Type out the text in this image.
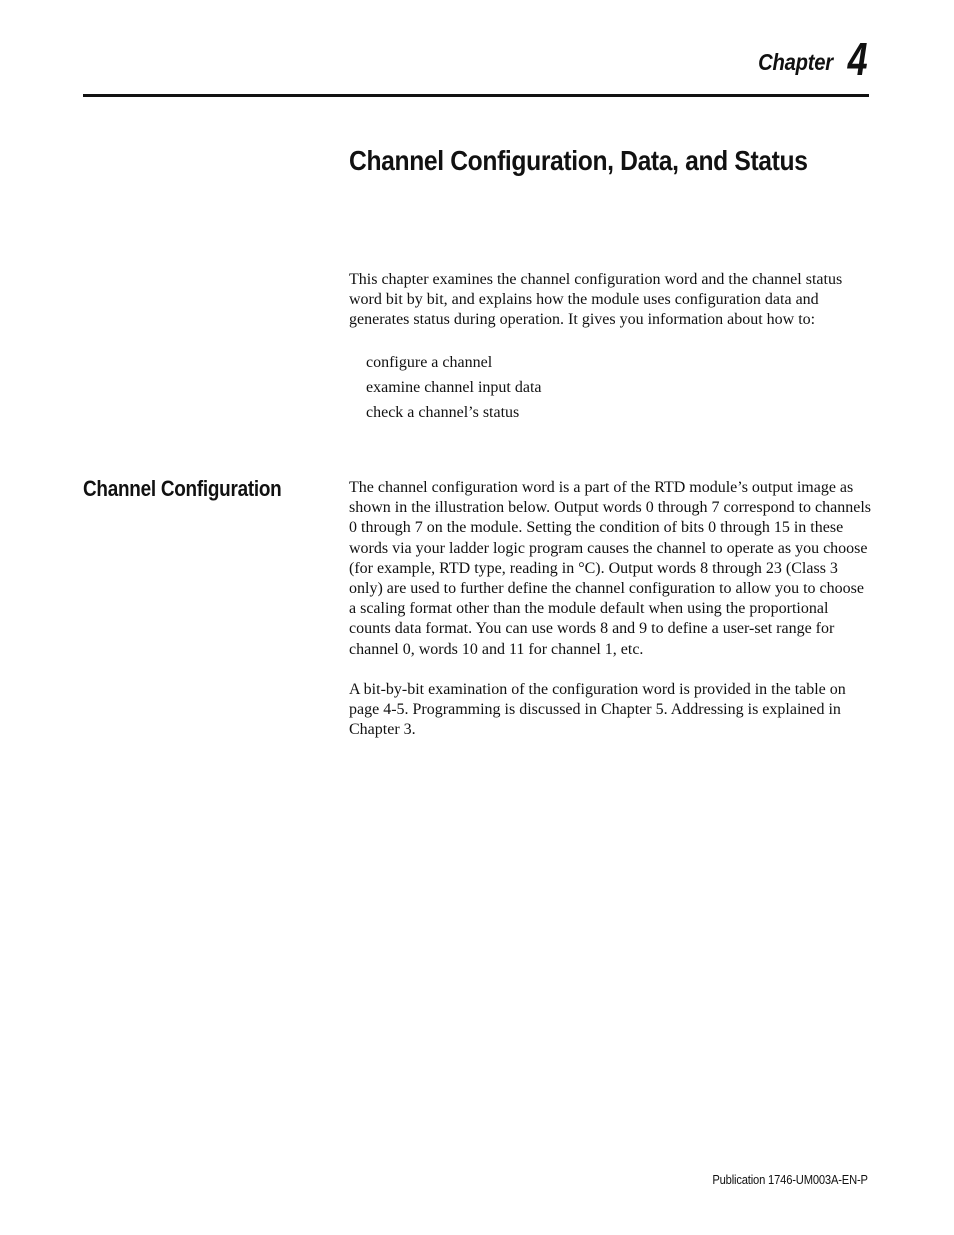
Chapter 4
Channel Configuration, Data, and Status

This chapter examines the channel configuration word and the channel status word bit by bit, and explains how the module uses configuration data and generates status during operation. It gives you information about how to:

configure a channel
examine channel input data
check a channel’s status
Channel Configuration	The channel configuration word is a part of the RTD module’s output image as shown in the illustration below. Output words 0 through 7 correspond to channels 0 through 7 on the module. Setting the condition of bits 0 through 15 in these words via your ladder logic program causes the channel to operate as you choose (for example, RTD type, reading in °C). Output words 8 through 23 (Class 3 only) are used to further define the channel configuration to allow you to choose a scaling format other than the module default when using the proportional counts data format. You can use words 8 and 9 to define a user-set range for channel 0, words 10 and 11 for channel 1, etc.

A bit-by-bit examination of the configuration word is provided in the table on page 4-5. Programming is discussed in Chapter 5. Addressing is explained in Chapter 3.

Publication 1746-UM003A-EN-P
